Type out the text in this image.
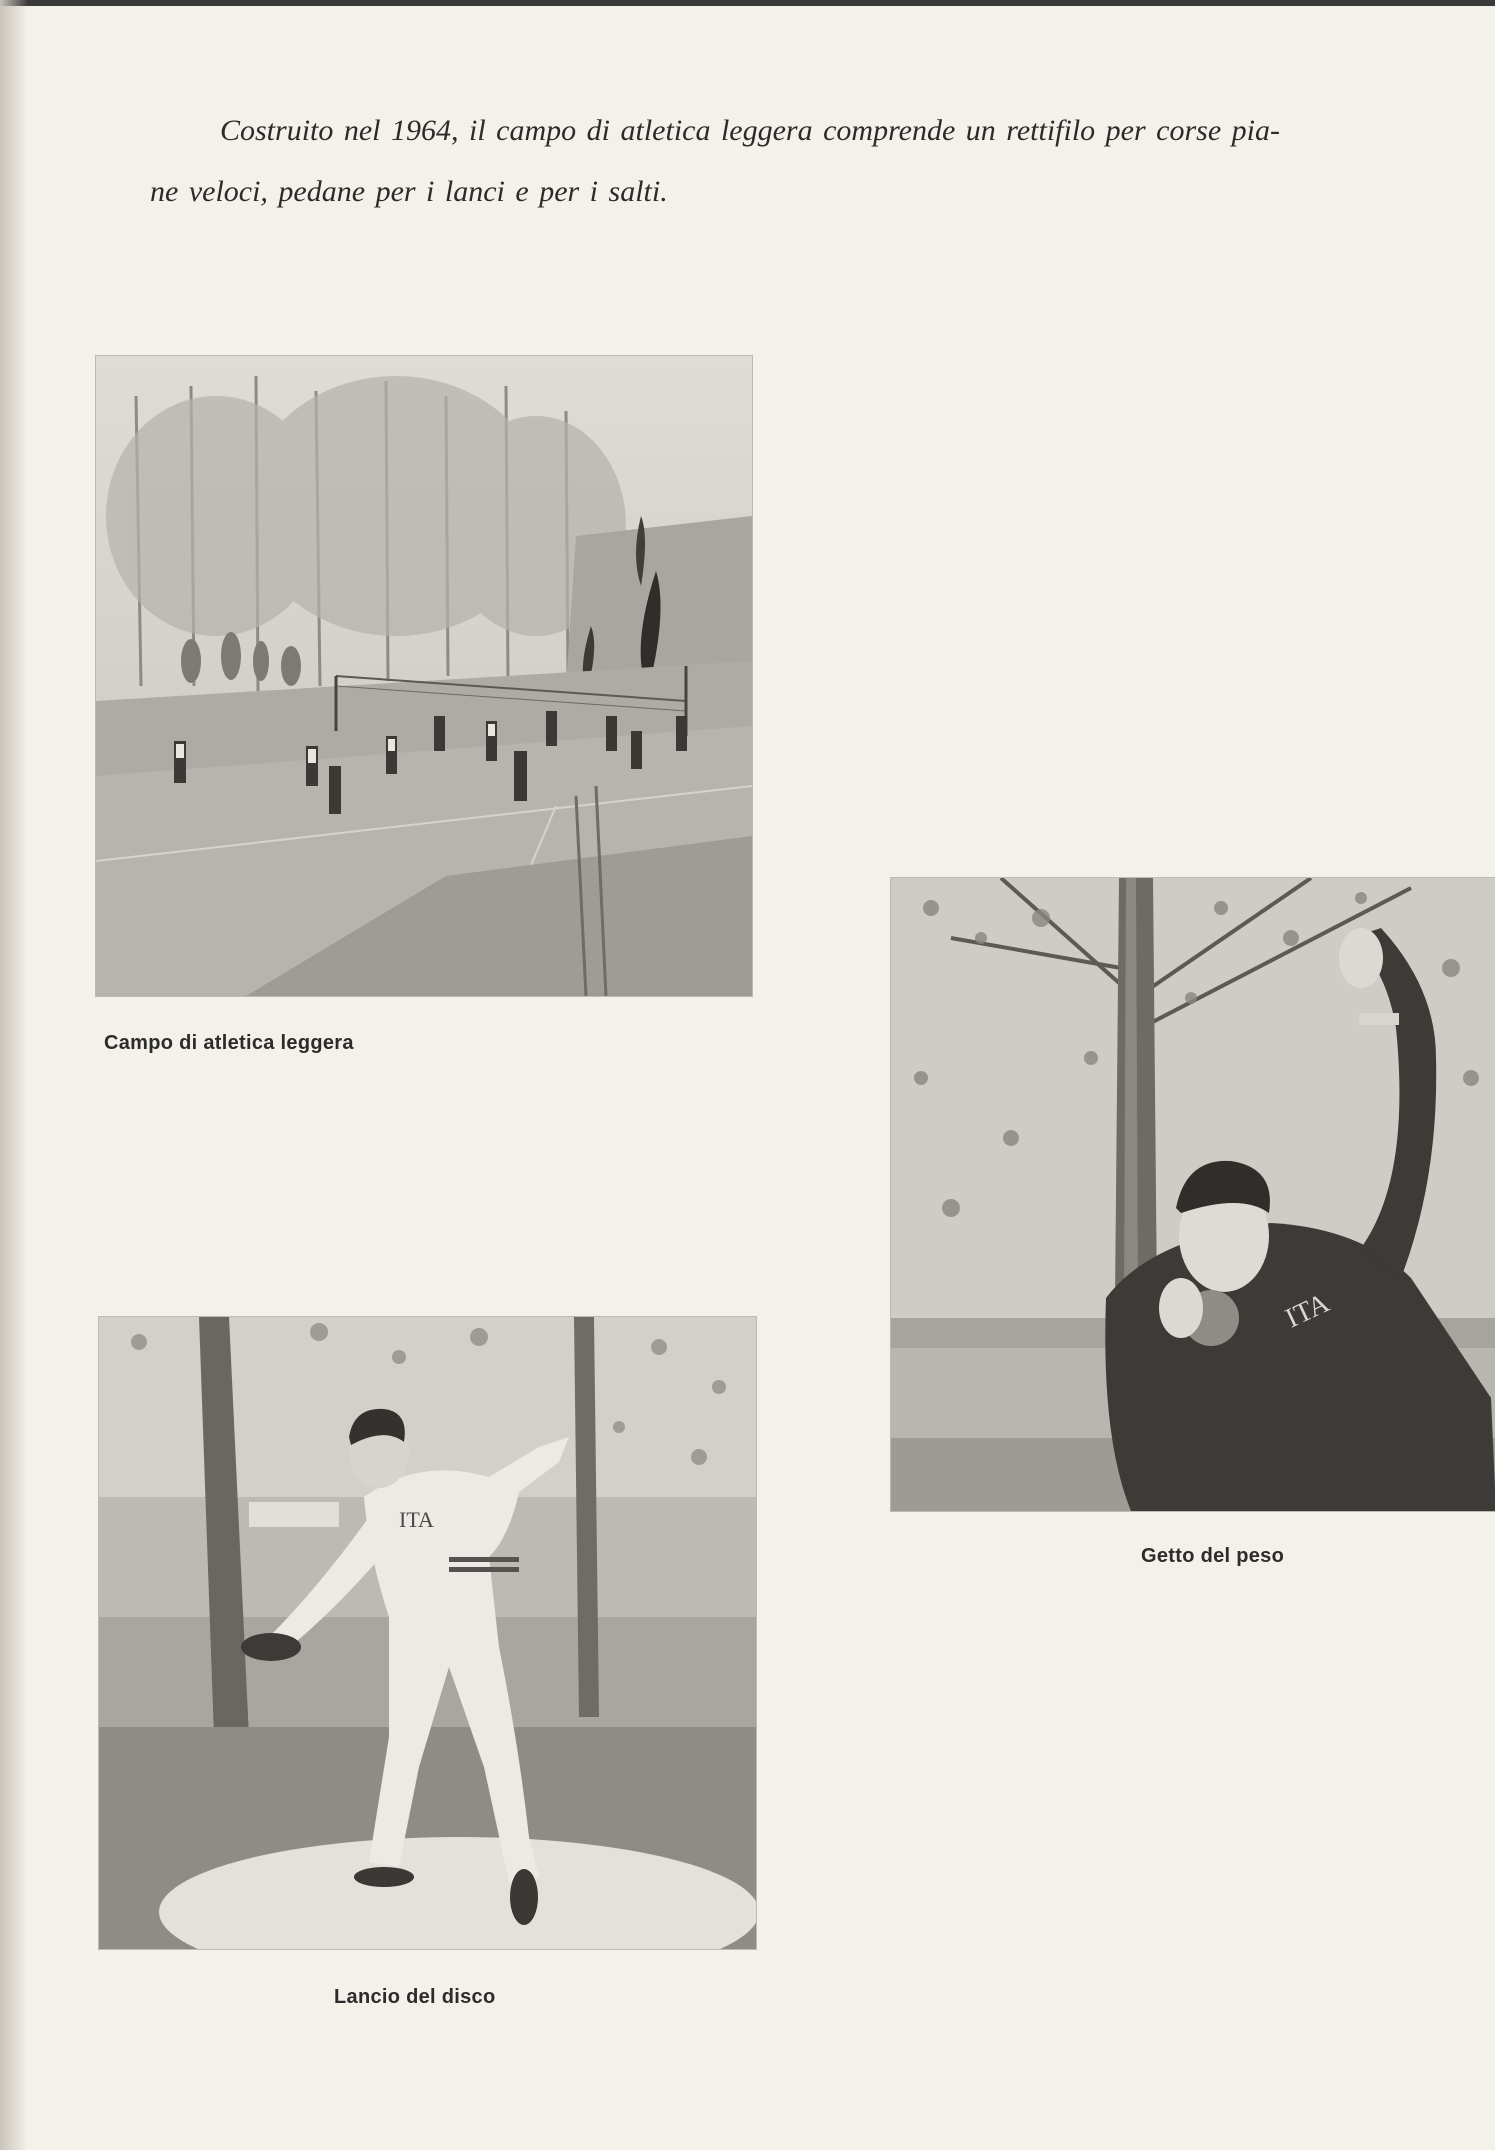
Costruito nel 1964, il campo di atletica leggera comprende un rettifilo per corse pia-

ne veloci, pedane per i lanci e per i salti.

Campo di atletica leggera
ITA
Getto del peso
ITA
Lancio del disco
